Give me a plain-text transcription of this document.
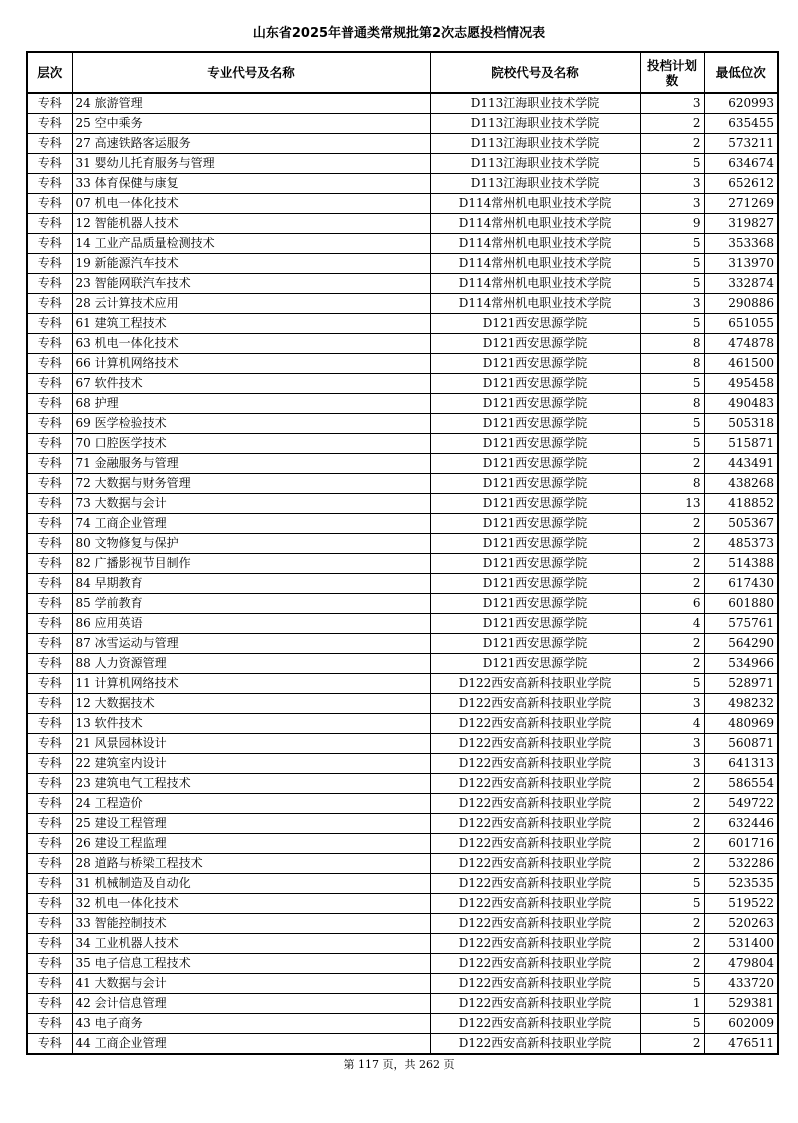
山东省2025年普通类常规批第2次志愿投档情况表
层次	专业代号及名称	院校代号及名称	投档计划数	最低位次
专科	24 旅游管理	D113江海职业技术学院	3	620993
专科	25 空中乘务	D113江海职业技术学院	2	635455
专科	27 高速铁路客运服务	D113江海职业技术学院	2	573211
专科	31 婴幼儿托育服务与管理	D113江海职业技术学院	5	634674
专科	33 体育保健与康复	D113江海职业技术学院	3	652612
专科	07 机电一体化技术	D114常州机电职业技术学院	3	271269
专科	12 智能机器人技术	D114常州机电职业技术学院	9	319827
专科	14 工业产品质量检测技术	D114常州机电职业技术学院	5	353368
专科	19 新能源汽车技术	D114常州机电职业技术学院	5	313970
专科	23 智能网联汽车技术	D114常州机电职业技术学院	5	332874
专科	28 云计算技术应用	D114常州机电职业技术学院	3	290886
专科	61 建筑工程技术	D121西安思源学院	5	651055
专科	63 机电一体化技术	D121西安思源学院	8	474878
专科	66 计算机网络技术	D121西安思源学院	8	461500
专科	67 软件技术	D121西安思源学院	5	495458
专科	68 护理	D121西安思源学院	8	490483
专科	69 医学检验技术	D121西安思源学院	5	505318
专科	70 口腔医学技术	D121西安思源学院	5	515871
专科	71 金融服务与管理	D121西安思源学院	2	443491
专科	72 大数据与财务管理	D121西安思源学院	8	438268
专科	73 大数据与会计	D121西安思源学院	13	418852
专科	74 工商企业管理	D121西安思源学院	2	505367
专科	80 文物修复与保护	D121西安思源学院	2	485373
专科	82 广播影视节目制作	D121西安思源学院	2	514388
专科	84 早期教育	D121西安思源学院	2	617430
专科	85 学前教育	D121西安思源学院	6	601880
专科	86 应用英语	D121西安思源学院	4	575761
专科	87 冰雪运动与管理	D121西安思源学院	2	564290
专科	88 人力资源管理	D121西安思源学院	2	534966
专科	11 计算机网络技术	D122西安高新科技职业学院	5	528971
专科	12 大数据技术	D122西安高新科技职业学院	3	498232
专科	13 软件技术	D122西安高新科技职业学院	4	480969
专科	21 风景园林设计	D122西安高新科技职业学院	3	560871
专科	22 建筑室内设计	D122西安高新科技职业学院	3	641313
专科	23 建筑电气工程技术	D122西安高新科技职业学院	2	586554
专科	24 工程造价	D122西安高新科技职业学院	2	549722
专科	25 建设工程管理	D122西安高新科技职业学院	2	632446
专科	26 建设工程监理	D122西安高新科技职业学院	2	601716
专科	28 道路与桥梁工程技术	D122西安高新科技职业学院	2	532286
专科	31 机械制造及自动化	D122西安高新科技职业学院	5	523535
专科	32 机电一体化技术	D122西安高新科技职业学院	5	519522
专科	33 智能控制技术	D122西安高新科技职业学院	2	520263
专科	34 工业机器人技术	D122西安高新科技职业学院	2	531400
专科	35 电子信息工程技术	D122西安高新科技职业学院	2	479804
专科	41 大数据与会计	D122西安高新科技职业学院	5	433720
专科	42 会计信息管理	D122西安高新科技职业学院	1	529381
专科	43 电子商务	D122西安高新科技职业学院	5	602009
专科	44 工商企业管理	D122西安高新科技职业学院	2	476511
第 117 页，共 262 页
